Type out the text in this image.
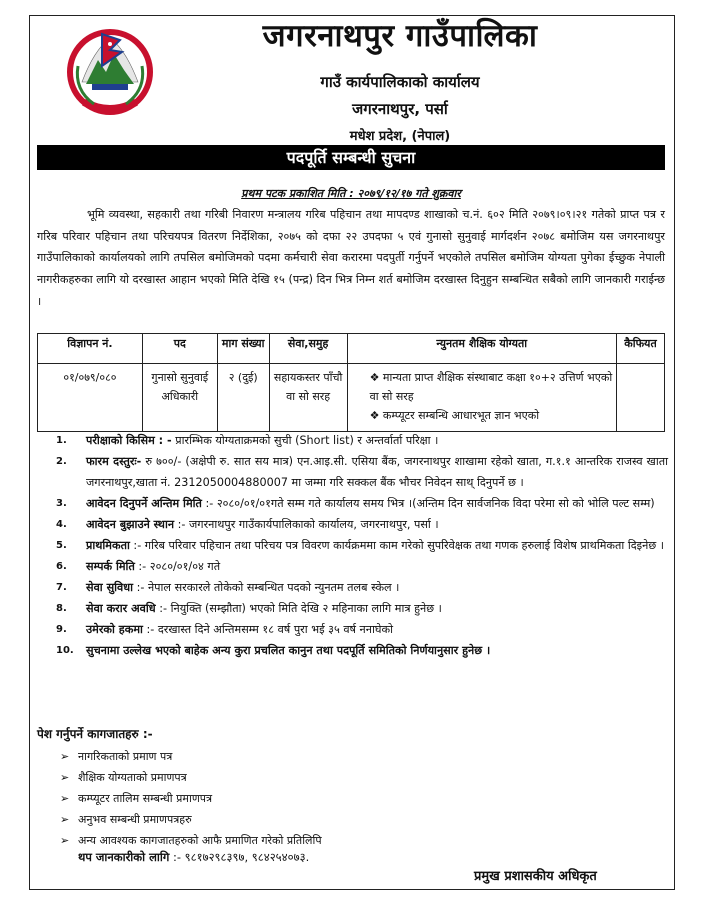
जगरनाथपुर गाउँपालिका
गाउँ कार्यपालिकाको कार्यालय
जगरनाथपुर, पर्सा
मधेश प्रदेश, (नेपाल)
पदपूर्ति सम्बन्धी सुचना
प्रथम पटक प्रकाशित मिति : २०७९/१२/१७ गते शुक्रवार
भूमि व्यवस्था, सहकारी तथा गरिबी निवारण मन्त्रालय गरिब पहिचान तथा मापदण्ड शाखाको च.नं. ६०२ मिति २०७९।०९।२१ गतेको प्राप्त पत्र र गरिब परिवार पहिचान तथा परिचयपत्र वितरण निर्देशिका, २०७५ को दफा २२ उपदफा ५ एवं गुनासो सुनुवाई मार्गदर्शन २०७८ बमोजिम यस जगरनाथपुर गाउँपालिकाको कार्यालयको लागि तपसिल बमोजिमको पदमा कर्मचारी सेवा करारमा पदपुर्ती गर्नुपर्ने भएकोले तपसिल बमोजिम योग्यता पुगेका ईच्छुक नेपाली नागरीकहरुका लागि यो दरखास्त आहान भएको मिति देखि १५ (पन्द्र) दिन भित्र निम्न शर्त बमोजिम दरखास्त दिनुहुन सम्बन्धित सबैको लागि जानकारी गराईन्छ ।
विज्ञापन नं.	पद	माग संख्या	सेवा,समुह	न्युनतम शैक्षिक योग्यता	कैफियत
०१/०७९/०८०	गुनासो सुनुवाई अधिकारी	२ (दुई)	सहायकस्तर पाँचौ वा सो सरह	❖ मान्यता प्राप्त शैक्षिक संस्थाबाट कक्षा १०+२ उत्तिर्ण भएको वा सो सरह
❖ कम्प्यूटर सम्बन्धि आधारभूत ज्ञान भएको	

1. परीक्षाको किसिम : - प्रारम्भिक योग्यताक्रमको सुची (Short list) र अन्तर्वार्ता परिक्षा ।
2. फारम दस्तुरः- रु ७००/- (अक्षेपी रु. सात सय मात्र) एन.आइ.सी. एसिया बैंक, जगरनाथपुर शाखामा रहेको खाता, ग.१.१ आन्तरिक राजस्व खाता जगरनाथपुर,खाता नं. 2312050004880007 मा जम्मा गरि सक्कल बैंक भौचर निवेदन साथ् दिनुपर्ने छ ।
3. आवेदन दिनुपर्ने अन्तिम मिति :- २०८०/०१/०१गते सम्म गते कार्यालय समय भित्र ।(अन्तिम दिन सार्वजनिक विदा परेमा सो को भोलि पल्ट सम्म)
4. आवेदन बुझाउने स्थान :- जगरनाथपुर गाउँकार्यपालिकाको कार्यालय, जगरनाथपुर, पर्सा ।
5. प्राथमिकता :- गरिब परिवार पहिचान तथा परिचय पत्र विवरण कार्यक्रममा काम गरेको सुपरिवेक्षक तथा गणक हरुलाई विशेष प्राथमिकता दिइनेछ ।
6. सम्पर्क मिति :- २०८०/०१/०४ गते
7. सेवा सुविधा :- नेपाल सरकारले तोकेको सम्बन्धित पदको न्युनतम तलब स्केल ।
8. सेवा करार अवधि :- नियुक्ति (सम्झौता) भएको मिति देखि २ महिनाका लागि मात्र हुनेछ ।
9. उमेरको हकमा :- दरखास्त दिने अन्तिमसम्म १८ वर्ष पुरा भई ३५ वर्ष ननाघेको
10. सुचनामा उल्लेख भएको बाहेक अन्य कुरा प्रचलित कानुन तथा पदपूर्ति समितिको निर्णयानुसार हुनेछ ।
पेश गर्नुपर्ने कागजातहरु :-
➢ नागरिकताको प्रमाण पत्र
➢ शैक्षिक योग्यताको प्रमाणपत्र
➢ कम्प्यूटर तालिम सम्बन्धी प्रमाणपत्र
➢ अनुभव सम्बन्धी प्रमाणपत्रहरु
➢ अन्य आवश्यक कागजातहरुको आफै प्रमाणित गरेको प्रतिलिपि
थप जानकारीको लागि :- ९८१७२९८३९७, ९८४२५४०७३.
प्रमुख प्रशासकीय अधिकृत
